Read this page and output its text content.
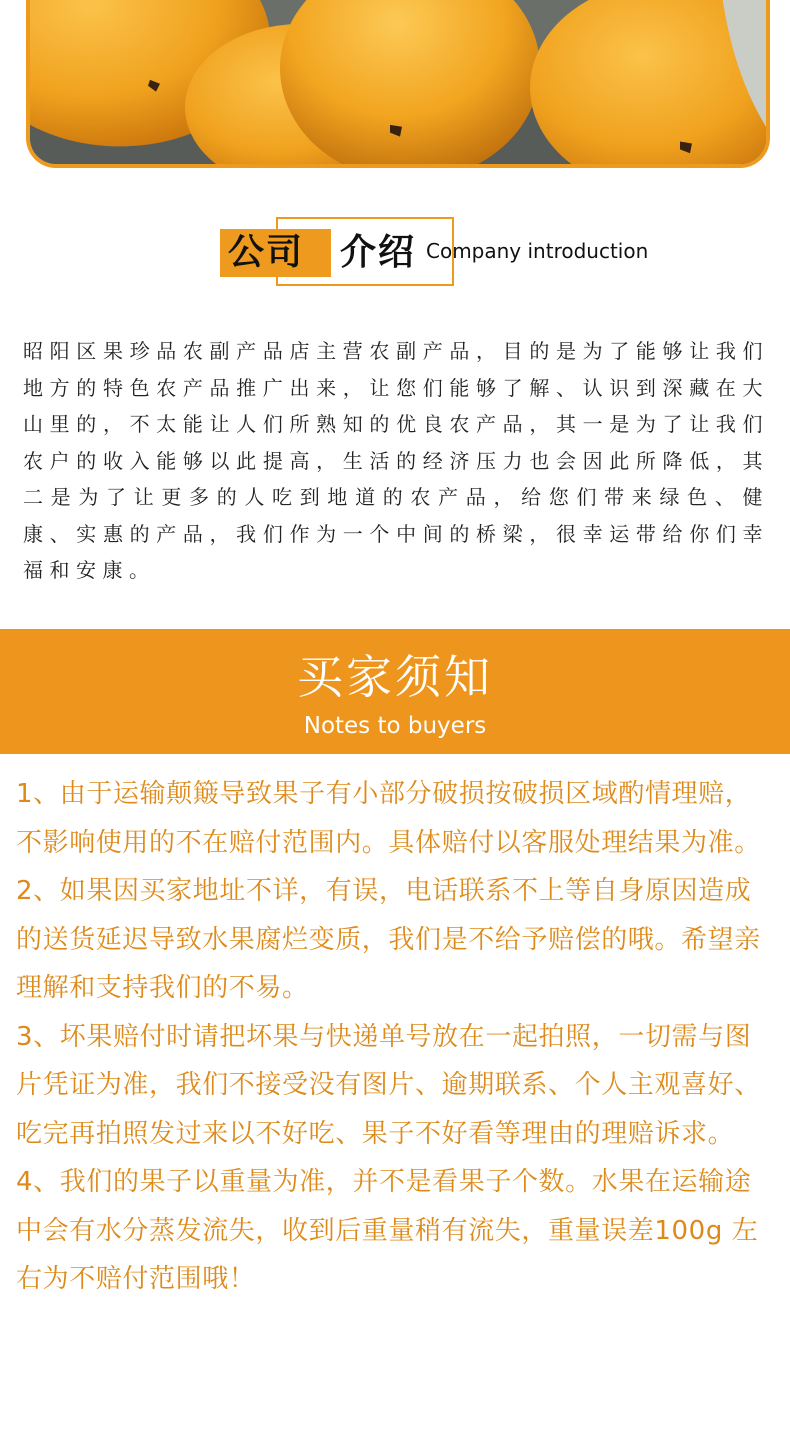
公司 介绍 Company introduction

昭阳区果珍品农副产品店主营农副产品，目的是为了能够让我们地方的特色农产品推广出来，让您们能够了解、认识到深藏在大山里的，不太能让人们所熟知的优良农产品，其一是为了让我们农户的收入能够以此提高，生活的经济压力也会因此所降低，其二是为了让更多的人吃到地道的农产品，给您们带来绿色、健康、实惠的产品，我们作为一个中间的桥梁，很幸运带给你们幸福和安康。

买家须知
Notes to buyers

1、由于运输颠簸导致果子有小部分破损按破损区域酌情理赔，不影响使用的不在赔付范围内。具体赔付以客服处理结果为准。

2、如果因买家地址不详，有误，电话联系不上等自身原因造成的送货延迟导致水果腐烂变质，我们是不给予赔偿的哦。希望亲理解和支持我们的不易。

3、坏果赔付时请把坏果与快递单号放在一起拍照，一切需与图片凭证为准，我们不接受没有图片、逾期联系、个人主观喜好、吃完再拍照发过来以不好吃、果子不好看等理由的理赔诉求。

4、我们的果子以重量为准，并不是看果子个数。水果在运输途中会有水分蒸发流失，收到后重量稍有流失，重量误差100g 左右为不赔付范围哦！
